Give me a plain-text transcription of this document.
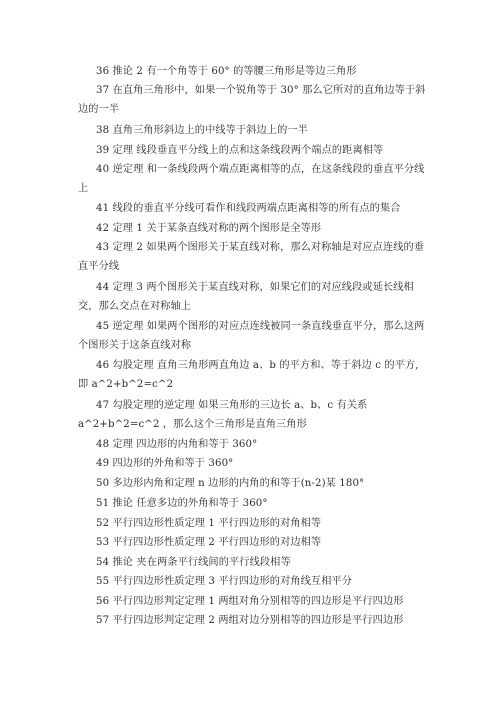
36 推论 2 有一个角等于 60° 的等腰三角形是等边三角形
37 在直角三角形中，如果一个锐角等于 30° 那么它所对的直角边等于斜
边的一半
38 直角三角形斜边上的中线等于斜边上的一半
39 定理 线段垂直平分线上的点和这条线段两个端点的距离相等
40 逆定理 和一条线段两个端点距离相等的点，在这条线段的垂直平分线
上
41 线段的垂直平分线可看作和线段两端点距离相等的所有点的集合
42 定理 1 关于某条直线对称的两个图形是全等形
43 定理 2 如果两个图形关于某直线对称，那么对称轴是对应点连线的垂
直平分线
44 定理 3 两个图形关于某直线对称，如果它们的对应线段或延长线相
交，那么交点在对称轴上
45 逆定理 如果两个图形的对应点连线被同一条直线垂直平分，那么这两
个图形关于这条直线对称
46 勾股定理 直角三角形两直角边 a、b 的平方和、等于斜边 c 的平方,
即 a^2+b^2=c^2
47 勾股定理的逆定理 如果三角形的三边长 a、b、c 有关系
a^2+b^2=c^2 ，那么这个三角形是直角三角形
48 定理 四边形的内角和等于 360°
49 四边形的外角和等于 360°
50 多边形内角和定理 n 边形的内角的和等于(n-2)某 180°
51 推论 任意多边的外角和等于 360°
52 平行四边形性质定理 1 平行四边形的对角相等
53 平行四边形性质定理 2 平行四边形的对边相等
54 推论 夹在两条平行线间的平行线段相等
55 平行四边形性质定理 3 平行四边形的对角线互相平分
56 平行四边形判定定理 1 两组对角分别相等的四边形是平行四边形
57 平行四边形判定定理 2 两组对边分别相等的四边形是平行四边形
